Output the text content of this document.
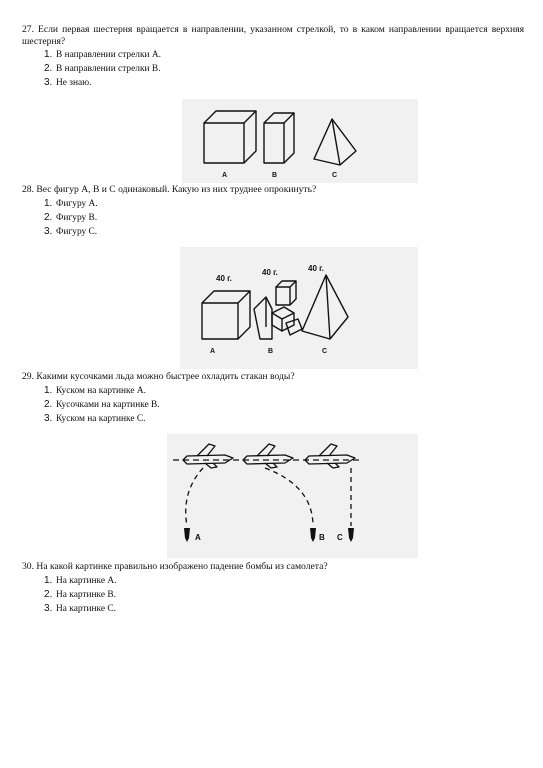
27. Если первая шестерня вращается в направлении, указанном стрелкой, то в каком направлении вращается верхняя шестерня?
1. В направлении стрелки А.
2. В направлении стрелки В.
3. Не знаю.
A	B	C
28. Вес фигур А, В и С одинаковый. Какую из них труднее опрокинуть?
1. Фигуру А.
2. Фигуру В.
3. Фигуру С.
40 г.
40 г.	40 г.
A	B	C
29. Какими кусочками льда можно быстрее охладить стакан воды?
1. Куском на картинке А.
2. Кусочками на картинке В.
3. Куском на картинке С.
A	B C
30. На какой картинке правильно изображено падение бомбы из самолета?
1. На картинке А.
2. На картинке В.
3. На картинке С.
